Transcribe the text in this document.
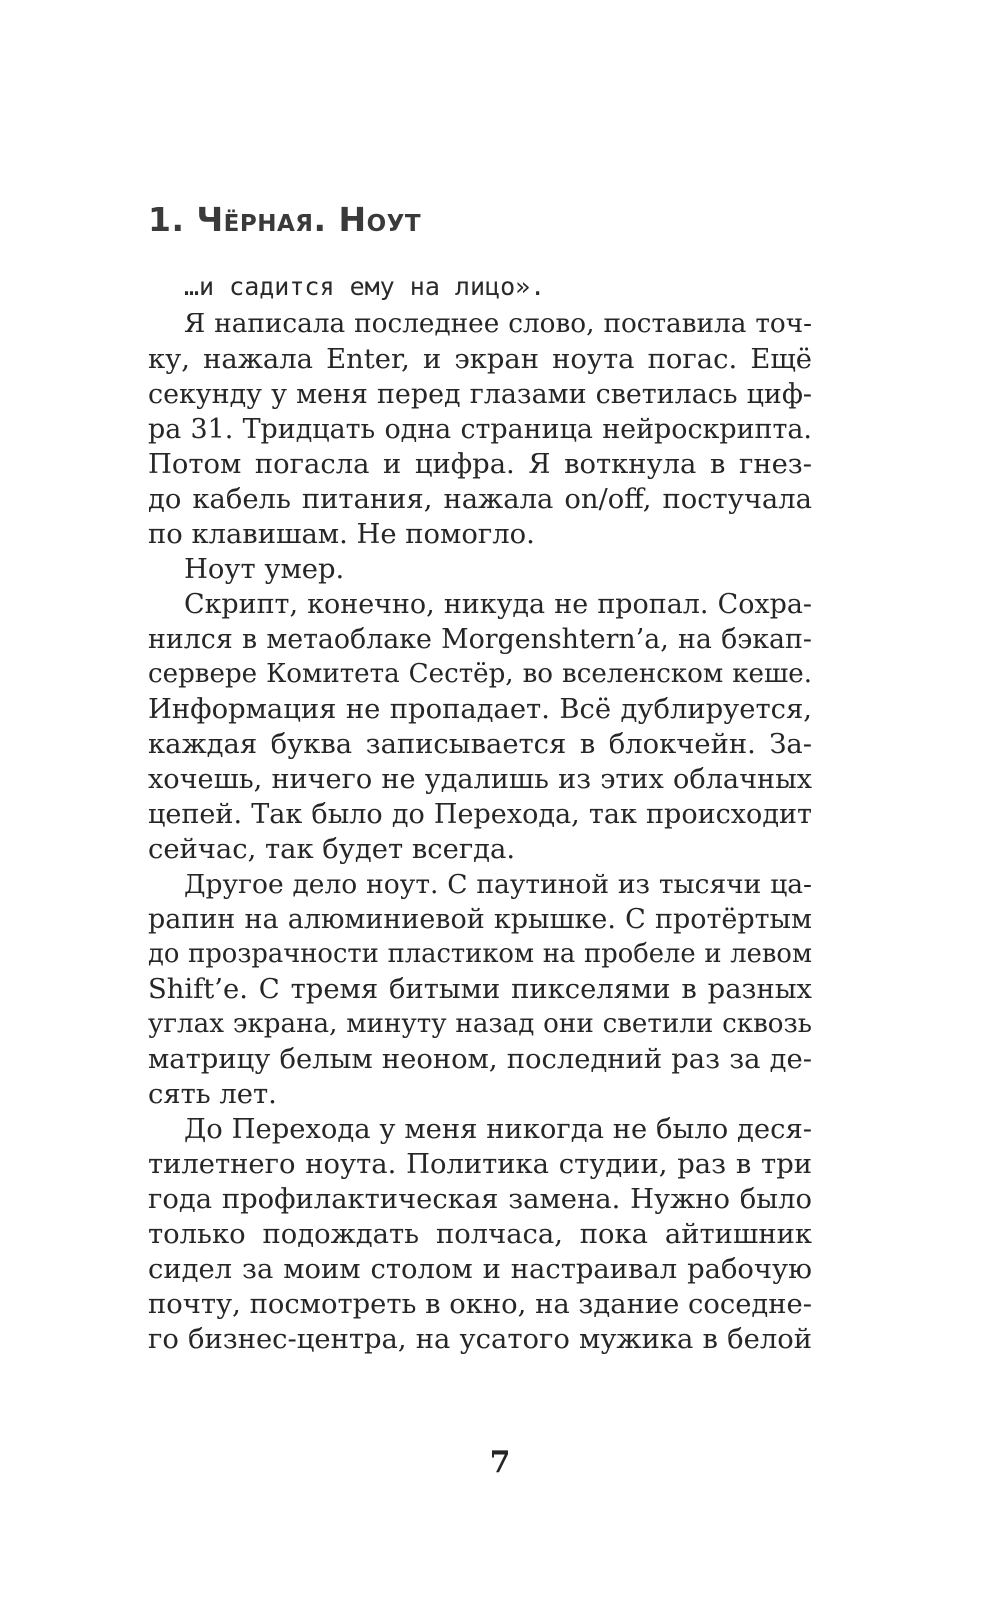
1. Чёрная. Ноут
…и садится ему на лицо».
Я написала последнее слово, поставила точ-
ку, нажала Enter, и экран ноута погас. Ещё
секунду у меня перед глазами светилась циф-
ра 31. Тридцать одна страница нейроскрипта.
Потом погасла и цифра. Я воткнула в гнез-
до кабель питания, нажала on/off, постучала
по клавишам. Не помогло.
Ноут умер.
Скрипт, конечно, никуда не пропал. Сохра-
нился в метаоблаке Morgenshtern’a, на бэкап-
сервере Комитета Сестёр, во вселенском кеше.
Информация не пропадает. Всё дублируется,
каждая буква записывается в блокчейн. За-
хочешь, ничего не удалишь из этих облачных
цепей. Так было до Перехода, так происходит
сейчас, так будет всегда.
Другое дело ноут. С паутиной из тысячи ца-
рапин на алюминиевой крышке. С протёртым
до прозрачности пластиком на пробеле и левом
Shift’e. С тремя битыми пикселями в разных
углах экрана, минуту назад они светили сквозь
матрицу белым неоном, последний раз за де-
сять лет.
До Перехода у меня никогда не было деся-
тилетнего ноута. Политика студии, раз в три
года профилактическая замена. Нужно было
только подождать полчаса, пока айтишник
сидел за моим столом и настраивал рабочую
почту, посмотреть в окно, на здание соседне-
го бизнес-центра, на усатого мужика в белой
7
